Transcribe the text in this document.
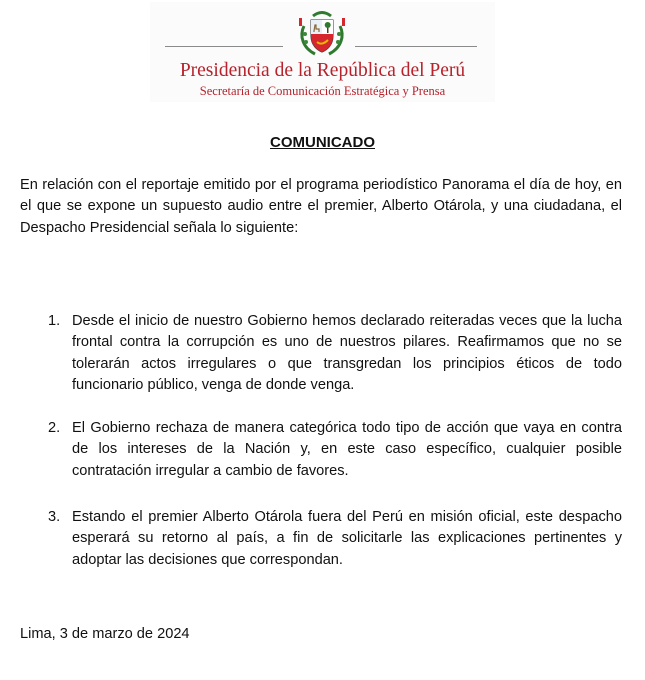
Presidencia de la República del Perú
Secretaría de Comunicación Estratégica y Prensa
COMUNICADO

En relación con el reportaje emitido por el programa periodístico Panorama el día de hoy, en el que se expone un supuesto audio entre el premier, Alberto Otárola, y una ciudadana, el Despacho Presidencial señala lo siguiente:

1. Desde el inicio de nuestro Gobierno hemos declarado reiteradas veces que la lucha frontal contra la corrupción es uno de nuestros pilares. Reafirmamos que no se tolerarán actos irregulares o que transgredan los principios éticos de todo funcionario público, venga de donde venga.

2. El Gobierno rechaza de manera categórica todo tipo de acción que vaya en contra de los intereses de la Nación y, en este caso específico, cualquier posible contratación irregular a cambio de favores.

3. Estando el premier Alberto Otárola fuera del Perú en misión oficial, este despacho esperará su retorno al país, a fin de solicitarle las explicaciones pertinentes y adoptar las decisiones que correspondan.

Lima, 3 de marzo de 2024
